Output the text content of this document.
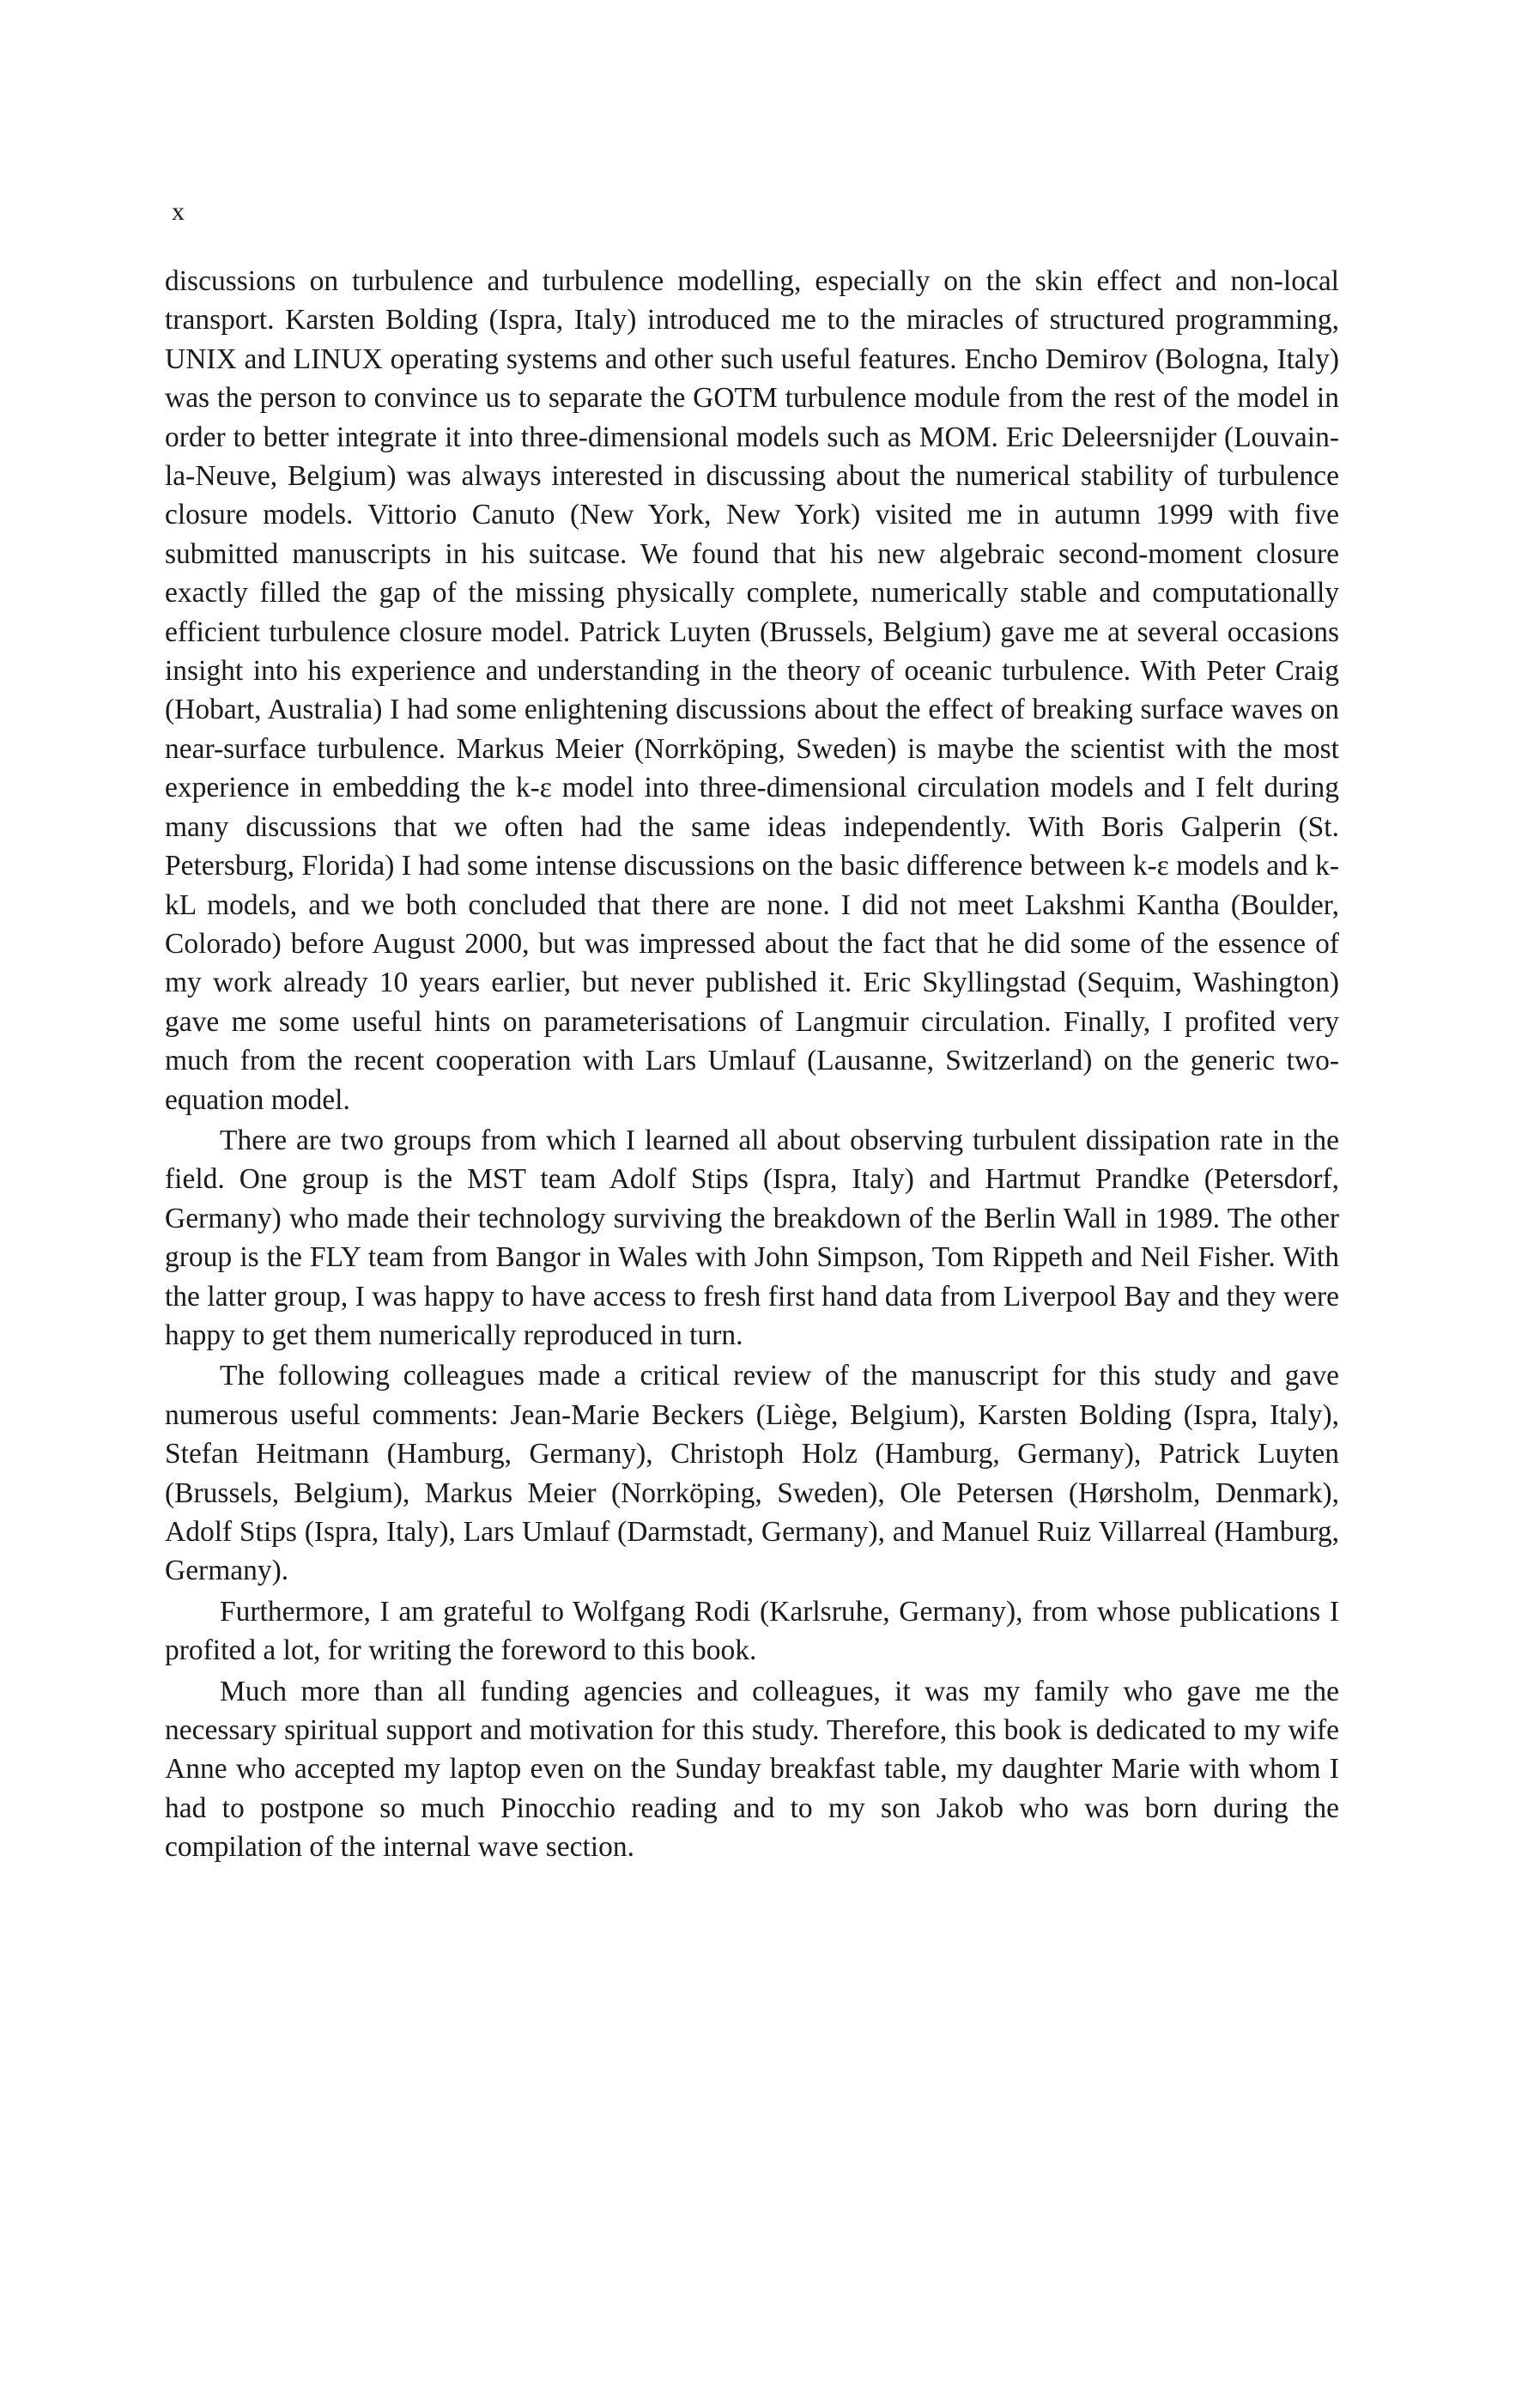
x

discussions on turbulence and turbulence modelling, especially on the skin effect and non-local transport. Karsten Bolding (Ispra, Italy) introduced me to the miracles of structured programming, UNIX and LINUX operating systems and other such useful features. Encho Demirov (Bologna, Italy) was the person to convince us to separate the GOTM turbulence module from the rest of the model in order to better integrate it into three-dimensional models such as MOM. Eric Deleersnijder (Louvain-la-Neuve, Belgium) was always interested in discussing about the numerical stability of turbulence closure models. Vittorio Canuto (New York, New York) visited me in autumn 1999 with five submitted manuscripts in his suitcase. We found that his new algebraic second-moment closure exactly filled the gap of the missing physically complete, numerically stable and computationally efficient turbulence closure model. Patrick Luyten (Brussels, Belgium) gave me at several occasions insight into his experience and understanding in the theory of oceanic turbulence. With Peter Craig (Hobart, Australia) I had some enlightening discussions about the effect of breaking surface waves on near-surface turbulence. Markus Meier (Norrköping, Sweden) is maybe the scientist with the most experience in embedding the k-ε model into three-dimensional circulation models and I felt during many discussions that we often had the same ideas independently. With Boris Galperin (St. Petersburg, Florida) I had some intense discussions on the basic difference between k-ε models and k-kL models, and we both concluded that there are none. I did not meet Lakshmi Kantha (Boulder, Colorado) before August 2000, but was impressed about the fact that he did some of the essence of my work already 10 years earlier, but never published it. Eric Skyllingstad (Sequim, Washington) gave me some useful hints on parameterisations of Langmuir circulation. Finally, I profited very much from the recent cooperation with Lars Umlauf (Lausanne, Switzerland) on the generic two-equation model.

There are two groups from which I learned all about observing turbulent dissipation rate in the field. One group is the MST team Adolf Stips (Ispra, Italy) and Hartmut Prandke (Petersdorf, Germany) who made their technology surviving the breakdown of the Berlin Wall in 1989. The other group is the FLY team from Bangor in Wales with John Simpson, Tom Rippeth and Neil Fisher. With the latter group, I was happy to have access to fresh first hand data from Liverpool Bay and they were happy to get them numerically reproduced in turn.

The following colleagues made a critical review of the manuscript for this study and gave numerous useful comments: Jean-Marie Beckers (Liège, Belgium), Karsten Bolding (Ispra, Italy), Stefan Heitmann (Hamburg, Germany), Christoph Holz (Hamburg, Germany), Patrick Luyten (Brussels, Belgium), Markus Meier (Norrköping, Sweden), Ole Petersen (Hørsholm, Denmark), Adolf Stips (Ispra, Italy), Lars Umlauf (Darmstadt, Germany), and Manuel Ruiz Villarreal (Hamburg, Germany).

Furthermore, I am grateful to Wolfgang Rodi (Karlsruhe, Germany), from whose publications I profited a lot, for writing the foreword to this book.

Much more than all funding agencies and colleagues, it was my family who gave me the necessary spiritual support and motivation for this study. Therefore, this book is dedicated to my wife Anne who accepted my laptop even on the Sunday breakfast table, my daughter Marie with whom I had to postpone so much Pinocchio reading and to my son Jakob who was born during the compilation of the internal wave section.
